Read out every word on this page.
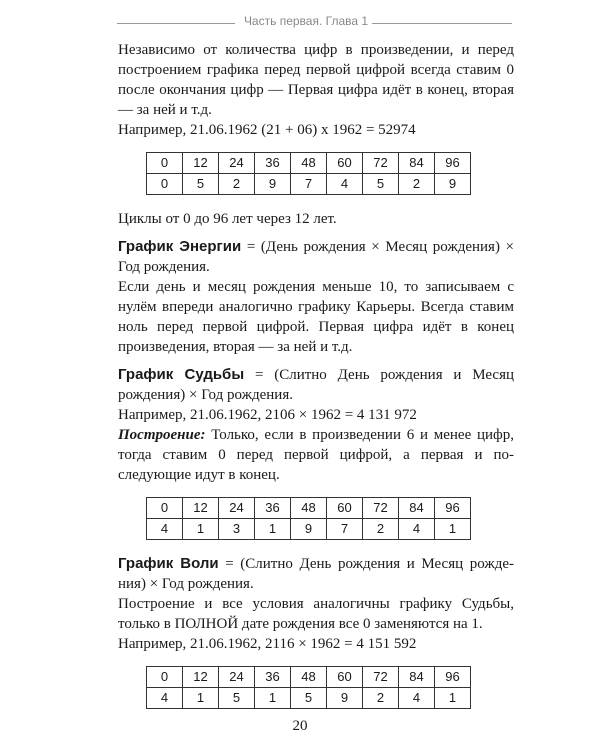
Часть первая. Глава 1

Независимо от количества цифр в произведении, и перед построением графика перед первой цифрой всегда ставим 0 после окончания цифр — Первая цифра идёт в конец, вторая — за ней и т.д.

Например, 21.06.1962 (21 + 06) х 1962 = 52974

0	12	24	36	48	60	72	84	96
0	5	2	9	7	4	5	2	9

Циклы от 0 до 96 лет через 12 лет.

График Энергии = (День рождения × Месяц рождения) × Год рождения.

Если день и месяц рождения меньше 10, то записываем с нулём впереди аналогично графику Карьеры. Всегда ставим ноль перед первой цифрой. Первая цифра идёт в конец произведения, вторая — за ней и т.д.

График Судьбы = (Слитно День рождения и Месяц рождения) × Год рождения.

Например, 21.06.1962, 2106 × 1962 = 4 131 972

Построение: Только, если в произведении 6 и менее цифр, тогда ставим 0 перед первой цифрой, а первая и последующие идут в конец.

0	12	24	36	48	60	72	84	96
4	1	3	1	9	7	2	4	1

График Воли = (Слитно День рождения и Месяц рождения) × Год рождения.

Построение и все условия аналогичны графику Судьбы, только в ПОЛНОЙ дате рождения все 0 заменяются на 1.

Например, 21.06.1962, 2116 × 1962 = 4 151 592

0	12	24	36	48	60	72	84	96
4	1	5	1	5	9	2	4	1
20
